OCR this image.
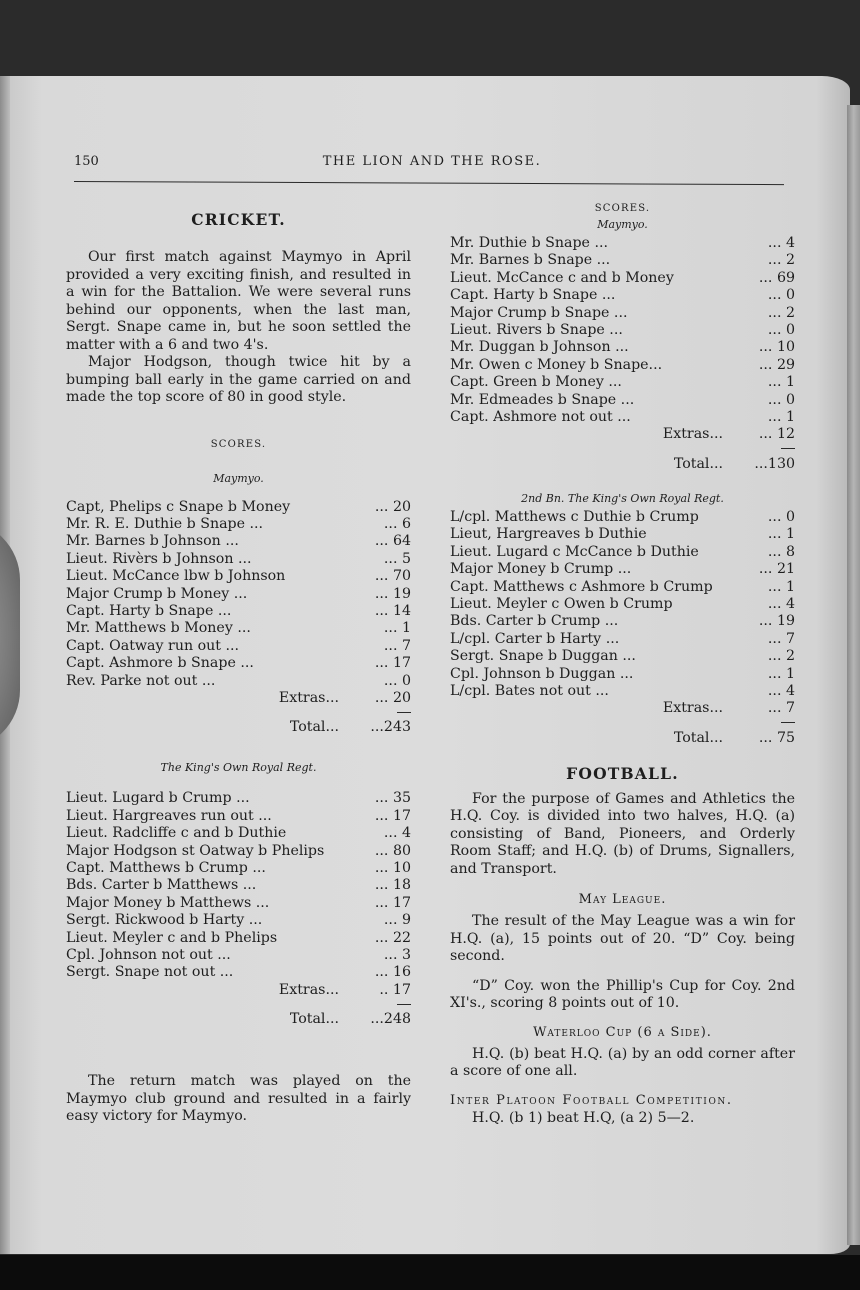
150	THE LION AND THE ROSE.
CRICKET.

Our first match against Maymyo in April provided a very exciting finish, and resulted in a win for the Battalion. We were several runs behind our opponents, when the last man, Sergt. Snape came in, but he soon settled the matter with a 6 and two 4's.

Major Hodgson, though twice hit by a bumping ball early in the game carried on and made the top score of 80 in good style.

SCORES.

Maymyo.

Capt, Phelips c Snape b Money	... 20
Mr. R. E. Duthie b Snape ...	... 6
Mr. Barnes b Johnson ...	... 64
Lieut. Rivèrs b Johnson ...	... 5
Lieut. McCance lbw b Johnson	... 70
Major Crump b Money ...	... 19
Capt. Harty b Snape ...	... 14
Mr. Matthews b Money ...	... 1
Capt. Oatway run out ...	... 7
Capt. Ashmore b Snape ...	... 17
Rev. Parke not out ...	... 0
Extras...	... 20

Total...	...243

The King's Own Royal Regt.

Lieut. Lugard b Crump ...	... 35
Lieut. Hargreaves run out ...	... 17
Lieut. Radcliffe c and b Duthie	... 4
Major Hodgson st Oatway b Phelips	... 80
Capt. Matthews b Crump ...	... 10
Bds. Carter b Matthews ...	... 18
Major Money b Matthews ...	... 17
Sergt. Rickwood b Harty ...	... 9
Lieut. Meyler c and b Phelips	... 22
Cpl. Johnson not out ...	... 3
Sergt. Snape not out ...	... 16
Extras...	.. 17

Total...	...248

The return match was played on the Maymyo club ground and resulted in a fairly easy victory for Maymyo.

SCORES.

Maymyo.

Mr. Duthie b Snape ...	... 4
Mr. Barnes b Snape ...	... 2
Lieut. McCance c and b Money	... 69
Capt. Harty b Snape ...	... 0
Major Crump b Snape ...	... 2
Lieut. Rivers b Snape ...	... 0
Mr. Duggan b Johnson ...	... 10
Mr. Owen c Money b Snape...	... 29
Capt. Green b Money ...	... 1
Mr. Edmeades b Snape ...	... 0
Capt. Ashmore not out ...	... 1
Extras...	... 12

Total...	...130

2nd Bn. The King's Own Royal Regt.

L/cpl. Matthews c Duthie b Crump	... 0
Lieut, Hargreaves b Duthie	... 1
Lieut. Lugard c McCance b Duthie	... 8
Major Money b Crump ...	... 21
Capt. Matthews c Ashmore b Crump	... 1
Lieut. Meyler c Owen b Crump	... 4
Bds. Carter b Crump ...	... 19
L/cpl. Carter b Harty ...	... 7
Sergt. Snape b Duggan ...	... 2
Cpl. Johnson b Duggan ...	... 1
L/cpl. Bates not out ...	... 4
Extras...	... 7

Total...	... 75
FOOTBALL.

For the purpose of Games and Athletics the H.Q. Coy. is divided into two halves, H.Q. (a) consisting of Band, Pioneers, and Orderly Room Staff; and H.Q. (b) of Drums, Signallers, and Transport.

May League.

The result of the May League was a win for H.Q. (a), 15 points out of 20. “D” Coy. being second.

“D” Coy. won the Phillip's Cup for Coy. 2nd XI's., scoring 8 points out of 10.

Waterloo Cup (6 a Side).

H.Q. (b) beat H.Q. (a) by an odd corner after a score of one all.

Inter Platoon Football Competition.

H.Q. (b 1) beat H.Q, (a 2) 5—2.
